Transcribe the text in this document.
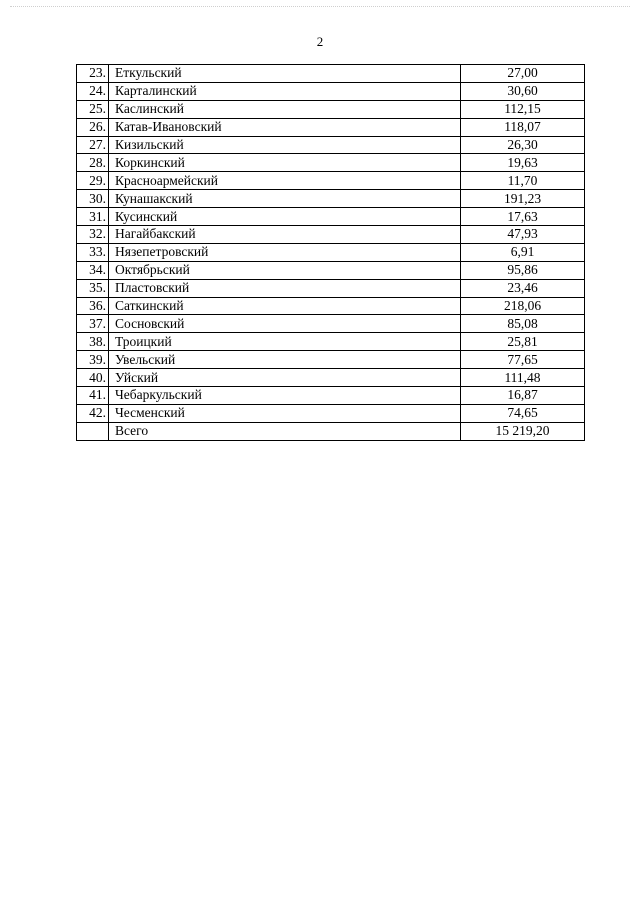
2
23.	Еткульский	27,00
24.	Карталинский	30,60
25.	Каслинский	112,15
26.	Катав-Ивановский	118,07
27.	Кизильский	26,30
28.	Коркинский	19,63
29.	Красноармейский	11,70
30.	Кунашакский	191,23
31.	Кусинский	17,63
32.	Нагайбакский	47,93
33.	Нязепетровский	6,91
34.	Октябрьский	95,86
35.	Пластовский	23,46
36.	Саткинский	218,06
37.	Сосновский	85,08
38.	Троицкий	25,81
39.	Увельский	77,65
40.	Уйский	111,48
41.	Чебаркульский	16,87
42.	Чесменский	74,65
	Всего	15 219,20
